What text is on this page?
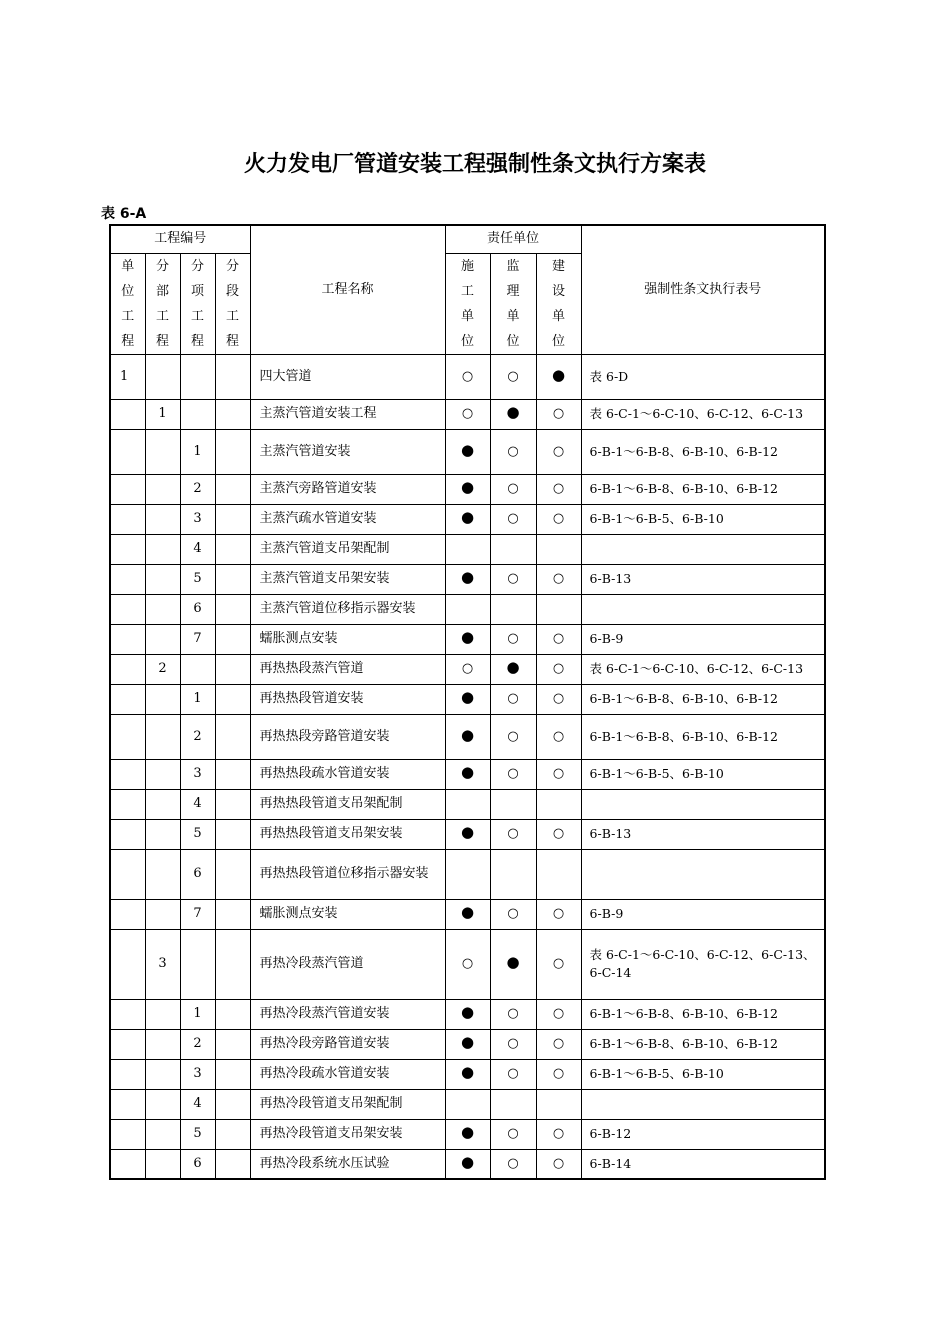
火力发电厂管道安装工程强制性条文执行方案表
表 6-A
工程编号				工程名称	责任单位			强制性条文执行表号
单位工程	分部工程	分项工程	分段工程		施工单位	监理单位	建设单位	
1				四大管道	○	○	●	表 6-D
	1			主蒸汽管道安装工程	○	●	○	表 6-C-1～6-C-10、6-C-12、6-C-13
		1		主蒸汽管道安装	●	○	○	6-B-1～6-B-8、6-B-10、6-B-12
		2		主蒸汽旁路管道安装	●	○	○	6-B-1～6-B-8、6-B-10、6-B-12
		3		主蒸汽疏水管道安装	●	○	○	6-B-1～6-B-5、6-B-10
		4		主蒸汽管道支吊架配制				
		5		主蒸汽管道支吊架安装	●	○	○	6-B-13
		6		主蒸汽管道位移指示器安装				
		7		蠕胀测点安装	●	○	○	6-B-9
	2			再热热段蒸汽管道	○	●	○	表 6-C-1～6-C-10、6-C-12、6-C-13
		1		再热热段管道安装	●	○	○	6-B-1～6-B-8、6-B-10、6-B-12
		2		再热热段旁路管道安装	●	○	○	6-B-1～6-B-8、6-B-10、6-B-12
		3		再热热段疏水管道安装	●	○	○	6-B-1～6-B-5、6-B-10
		4		再热热段管道支吊架配制				
		5		再热热段管道支吊架安装	●	○	○	6-B-13
		6		再热热段管道位移指示器安装				
		7		蠕胀测点安装	●	○	○	6-B-9
	3			再热冷段蒸汽管道	○	●	○	表 6-C-1～6-C-10、6-C-12、6-C-13、6-C-14
		1		再热冷段蒸汽管道安装	●	○	○	6-B-1～6-B-8、6-B-10、6-B-12
		2		再热冷段旁路管道安装	●	○	○	6-B-1～6-B-8、6-B-10、6-B-12
		3		再热冷段疏水管道安装	●	○	○	6-B-1～6-B-5、6-B-10
		4		再热冷段管道支吊架配制				
		5		再热冷段管道支吊架安装	●	○	○	6-B-12
		6		再热冷段系统水压试验	●	○	○	6-B-14
